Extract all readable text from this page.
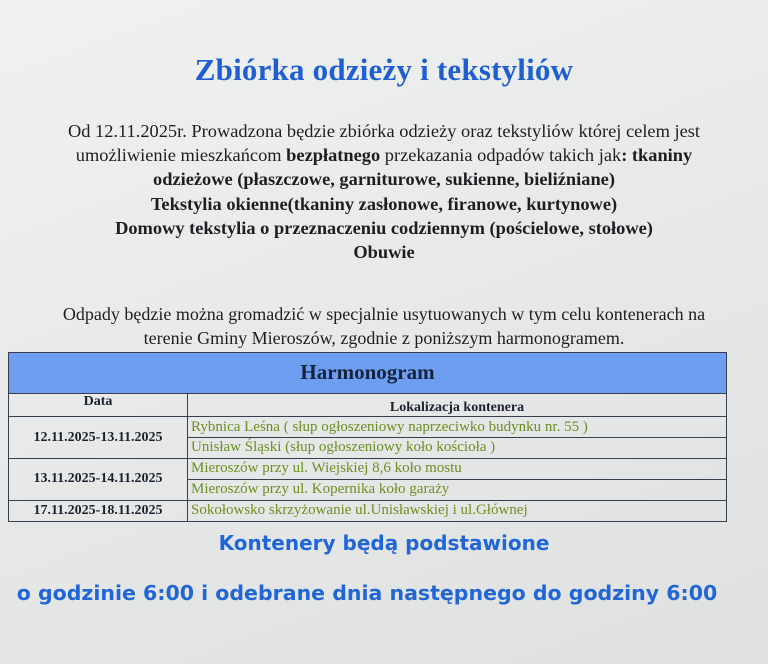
Zbiórka odzieży i tekstyliów
Od 12.11.2025r. Prowadzona będzie zbiórka odzieży oraz tekstyliów której celem jest
umożliwienie mieszkańcom bezpłatnego przekazania odpadów takich jak: tkaniny
odzieżowe (płaszczowe, garniturowe, sukienne, bieliźniane)
Tekstylia okienne(tkaniny zasłonowe, firanowe, kurtynowe)
Domowy tekstylia o przeznaczeniu codziennym (pościelowe, stołowe)
Obuwie
Odpady będzie można gromadzić w specjalnie usytuowanych w tym celu kontenerach na
terenie Gminy Mieroszów, zgodnie z poniższym harmonogramem.
Harmonogram	
Data	Lokalizacja kontenera
12.11.2025-13.11.2025	Rybnica Leśna ( słup ogłoszeniowy naprzeciwko budynku nr. 55 )
	Unisław Śląski (słup ogłoszeniowy koło kościoła )
13.11.2025-14.11.2025	Mieroszów przy ul. Wiejskiej 8,6 koło mostu
	Mieroszów przy ul. Kopernika koło garaży
17.11.2025-18.11.2025	Sokołowsko skrzyżowanie ul.Unisławskiej i ul.Głównej
Kontenery będą podstawione
o godzinie 6:00 i odebrane dnia następnego do godziny 6:00
